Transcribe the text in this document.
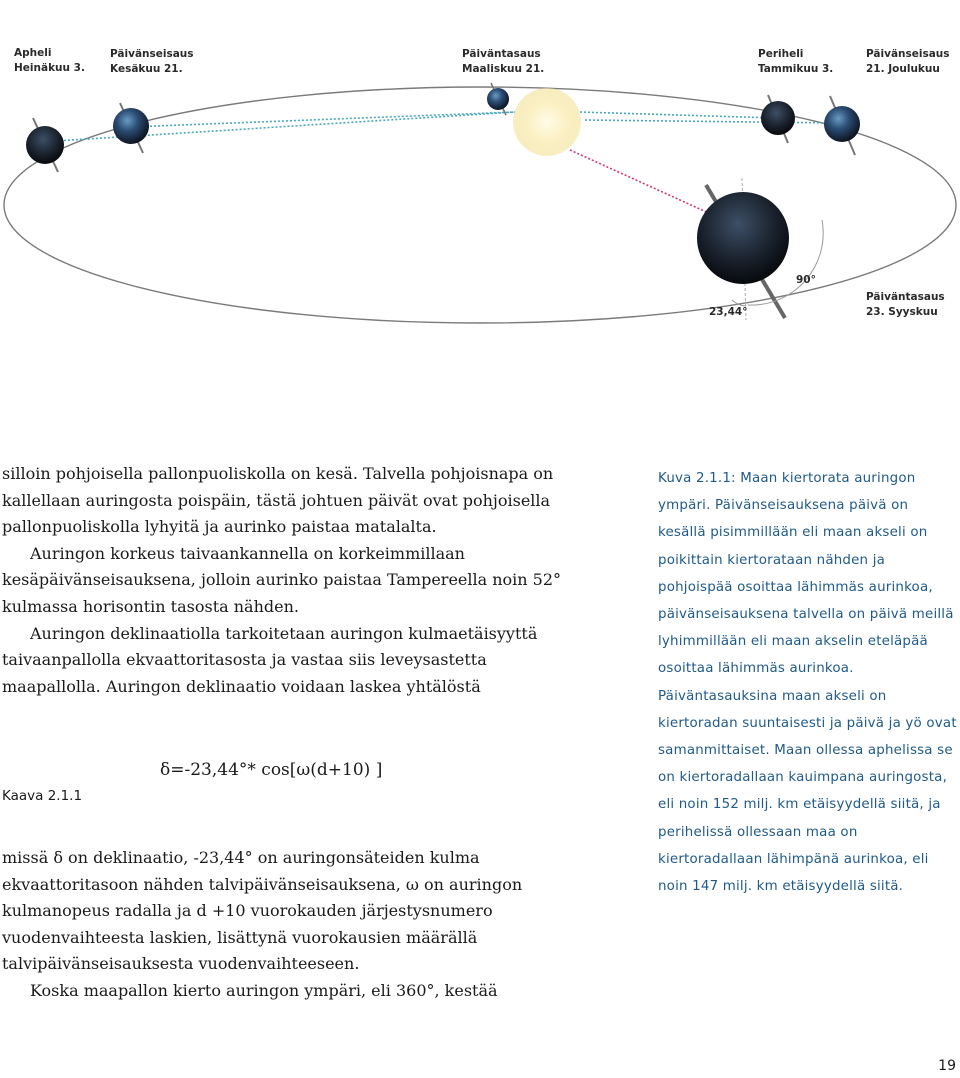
Apheli
Heinäkuu 3.
Päivänseisaus
Kesäkuu 21.
Päiväntasaus
Maaliskuu 21.
Periheli
Tammikuu 3.
Päivänseisaus
21. Joulukuu
Päiväntasaus
23. Syyskuu
90°
23,44°

silloin pohjoisella pallonpuoliskolla on kesä. Talvella pohjoisnapa on kallellaan auringosta poispäin, tästä johtuen päivät ovat pohjoisella pallonpuoliskolla lyhyitä ja aurinko paistaa matalalta.

Auringon korkeus taivaankannella on korkeimmillaan kesäpäivänseisauksena, jolloin aurinko paistaa Tampereella noin 52° kulmassa horisontin tasosta nähden.

Auringon deklinaatiolla tarkoitetaan auringon kulmaetäisyyttä taivaanpallolla ekvaattoritasosta ja vastaa siis leveysastetta maapallolla. Auringon deklinaatio voidaan laskea yhtälöstä

δ=-23,44°* cos[ω(d+10) ]
Kaava 2.1.1

missä δ on deklinaatio, -23,44° on auringonsäteiden kulma ekvaattoritasoon nähden talvipäivänseisauksena, ω on auringon kulmanopeus radalla ja d +10 vuorokauden järjestysnumero vuodenvaihteesta laskien, lisättynä vuorokausien määrällä talvipäivänseisauksesta vuodenvaihteeseen.

Koska maapallon kierto auringon ympäri, eli 360°, kestää

Kuva 2.1.1: Maan kiertorata auringon ympäri. Päivänseisauksena päivä on kesällä pisimmillään eli maan akseli on poikittain kiertorataan nähden ja pohjoispää osoittaa lähimmäs aurinkoa, päivänseisauksena talvella on päivä meillä lyhimmillään eli maan akselin eteläpää osoittaa lähimmäs aurinkoa. Päiväntasauksina maan akseli on kiertoradan suuntaisesti ja päivä ja yö ovat samanmittaiset. Maan ollessa aphelissa se on kiertoradallaan kauimpana auringosta, eli noin 152 milj. km etäisyydellä siitä, ja perihelissä ollessaan maa on kiertoradallaan lähimpänä aurinkoa, eli noin 147 milj. km etäisyydellä siitä.

19
